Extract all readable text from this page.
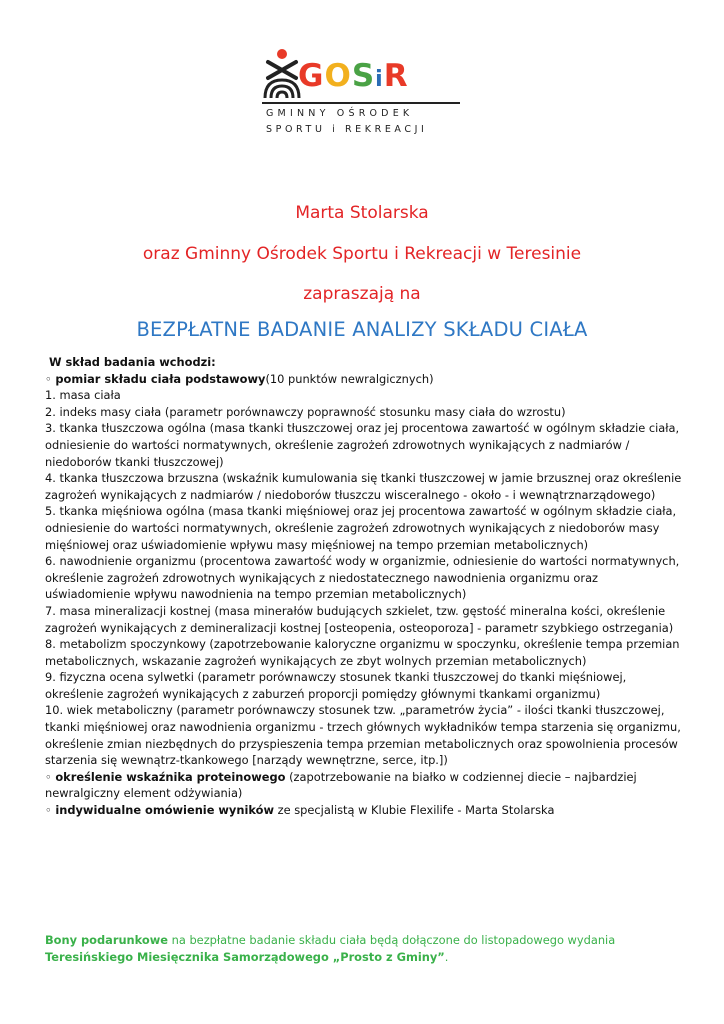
GOSiR
GMINNY OŚRODEK
SPORTU i REKREACJI
Marta Stolarska
oraz Gminny Ośrodek Sportu i Rekreacji w Teresinie
zapraszają na
BEZPŁATNE BADANIE ANALIZY SKŁADU CIAŁA

W skład badania wchodzi:

◦ pomiar składu ciała podstawowy(10 punktów newralgicznych)

1. masa ciała

2. indeks masy ciała (parametr porównawczy poprawność stosunku masy ciała do wzrostu)

3. tkanka tłuszczowa ogólna (masa tkanki tłuszczowej oraz jej procentowa zawartość w ogólnym składzie ciała, odniesienie do wartości normatywnych, określenie zagrożeń zdrowotnych wynikających z nadmiarów / niedoborów tkanki tłuszczowej)

4. tkanka tłuszczowa brzuszna (wskaźnik kumulowania się tkanki tłuszczowej w jamie brzusznej oraz określenie zagrożeń wynikających z nadmiarów / niedoborów tłuszczu wisceralnego - około - i wewnątrznarządowego)

5. tkanka mięśniowa ogólna (masa tkanki mięśniowej oraz jej procentowa zawartość w ogólnym składzie ciała, odniesienie do wartości normatywnych, określenie zagrożeń zdrowotnych wynikających z niedoborów masy mięśniowej oraz uświadomienie wpływu masy mięśniowej na tempo przemian metabolicznych)

6. nawodnienie organizmu (procentowa zawartość wody w organizmie, odniesienie do wartości normatywnych, określenie zagrożeń zdrowotnych wynikających z niedostatecznego nawodnienia organizmu oraz uświadomienie wpływu nawodnienia na tempo przemian metabolicznych)

7. masa mineralizacji kostnej (masa minerałów budujących szkielet, tzw. gęstość mineralna kości, określenie zagrożeń wynikających z demineralizacji kostnej [osteopenia, osteoporoza] - parametr szybkiego ostrzegania)

8. metabolizm spoczynkowy (zapotrzebowanie kaloryczne organizmu w spoczynku, określenie tempa przemian metabolicznych, wskazanie zagrożeń wynikających ze zbyt wolnych przemian metabolicznych)

9. fizyczna ocena sylwetki (parametr porównawczy stosunek tkanki tłuszczowej do tkanki mięśniowej, określenie zagrożeń wynikających z zaburzeń proporcji pomiędzy głównymi tkankami organizmu)

10. wiek metaboliczny (parametr porównawczy stosunek tzw. „parametrów życia” - ilości tkanki tłuszczowej, tkanki mięśniowej oraz nawodnienia organizmu - trzech głównych wykładników tempa starzenia się organizmu, określenie zmian niezbędnych do przyspieszenia tempa przemian metabolicznych oraz spowolnienia procesów starzenia się wewnątrz-tkankowego [narządy wewnętrzne, serce, itp.])

◦ określenie wskaźnika proteinowego (zapotrzebowanie na białko w codziennej diecie – najbardziej newralgiczny element odżywiania)

◦ indywidualne omówienie wyników ze specjalistą w Klubie Flexilife - Marta Stolarska

Bony podarunkowe na bezpłatne badanie składu ciała będą dołączone do listopadowego wydania Teresińskiego Miesięcznika Samorządowego „Prosto z Gminy”.
